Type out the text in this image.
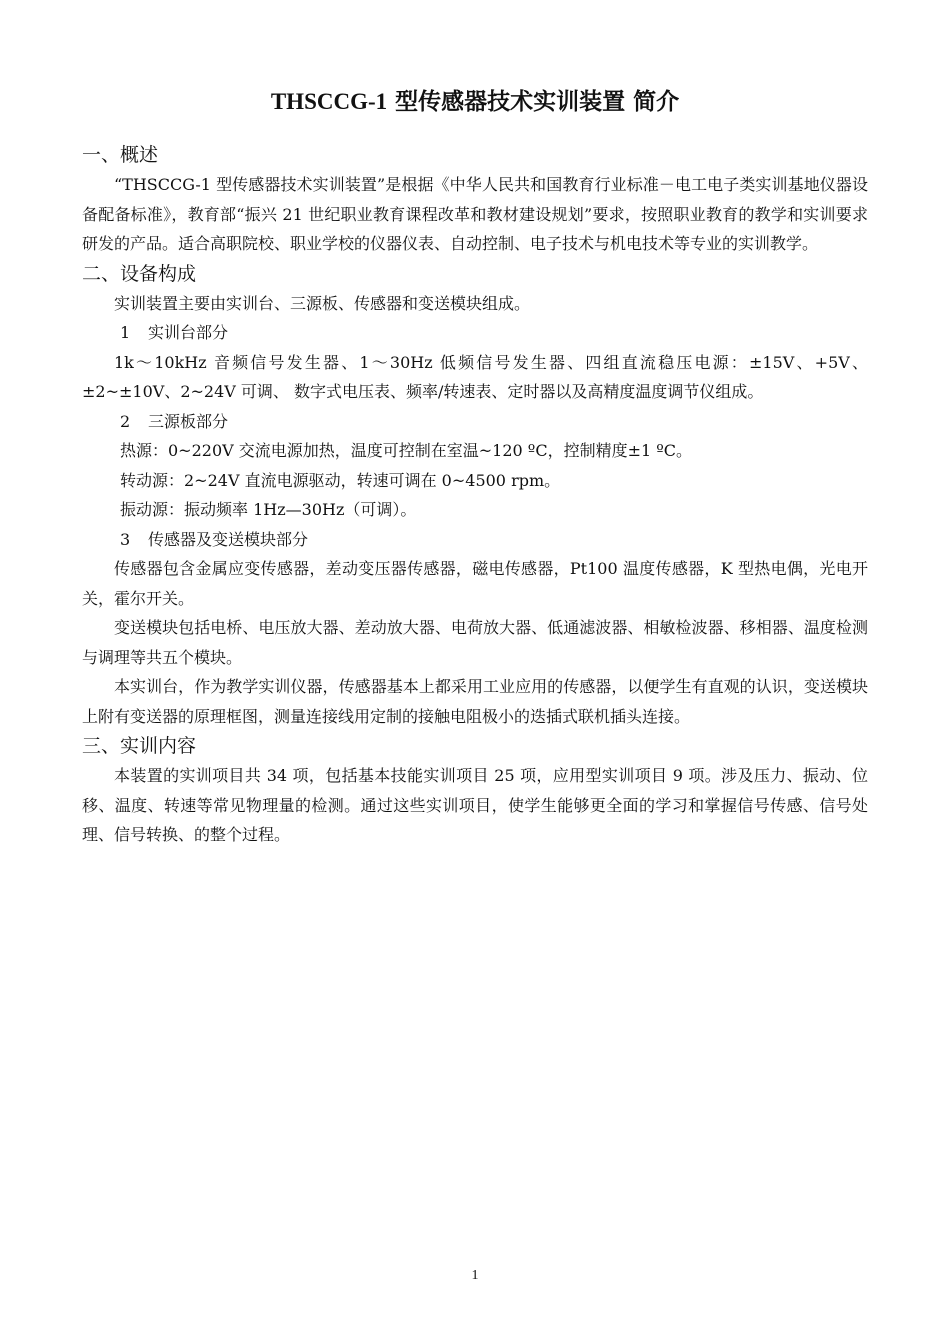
THSCCG-1 型传感器技术实训装置 简介

一、概述

“THSCCG-1 型传感器技术实训装置”是根据《中华人民共和国教育行业标准－电工电子类实训基地仪器设备配备标准》，教育部“振兴 21 世纪职业教育课程改革和教材建设规划”要求，按照职业教育的教学和实训要求研发的产品。适合高职院校、职业学校的仪器仪表、自动控制、电子技术与机电技术等专业的实训教学。

二、设备构成

实训装置主要由实训台、三源板、传感器和变送模块组成。

1 实训台部分

1k～10kHz 音频信号发生器、1～30Hz 低频信号发生器、四组直流稳压电源：±15V、+5V、±2~±10V、2~24V 可调、 数字式电压表、频率/转速表、定时器以及高精度温度调节仪组成。

2 三源板部分

热源：0~220V 交流电源加热，温度可控制在室温~120 ºC，控制精度±1 ºC。

转动源：2~24V 直流电源驱动，转速可调在 0~4500 rpm。

振动源：振动频率 1Hz—30Hz（可调）。

3 传感器及变送模块部分

传感器包含金属应变传感器，差动变压器传感器，磁电传感器，Pt100 温度传感器，K 型热电偶，光电开关，霍尔开关。

变送模块包括电桥、电压放大器、差动放大器、电荷放大器、低通滤波器、相敏检波器、移相器、温度检测与调理等共五个模块。

本实训台，作为教学实训仪器，传感器基本上都采用工业应用的传感器，以便学生有直观的认识，变送模块上附有变送器的原理框图，测量连接线用定制的接触电阻极小的迭插式联机插头连接。

三、实训内容

本装置的实训项目共 34 项，包括基本技能实训项目 25 项，应用型实训项目 9 项。涉及压力、振动、位移、温度、转速等常见物理量的检测。通过这些实训项目，使学生能够更全面的学习和掌握信号传感、信号处理、信号转换、的整个过程。

1
